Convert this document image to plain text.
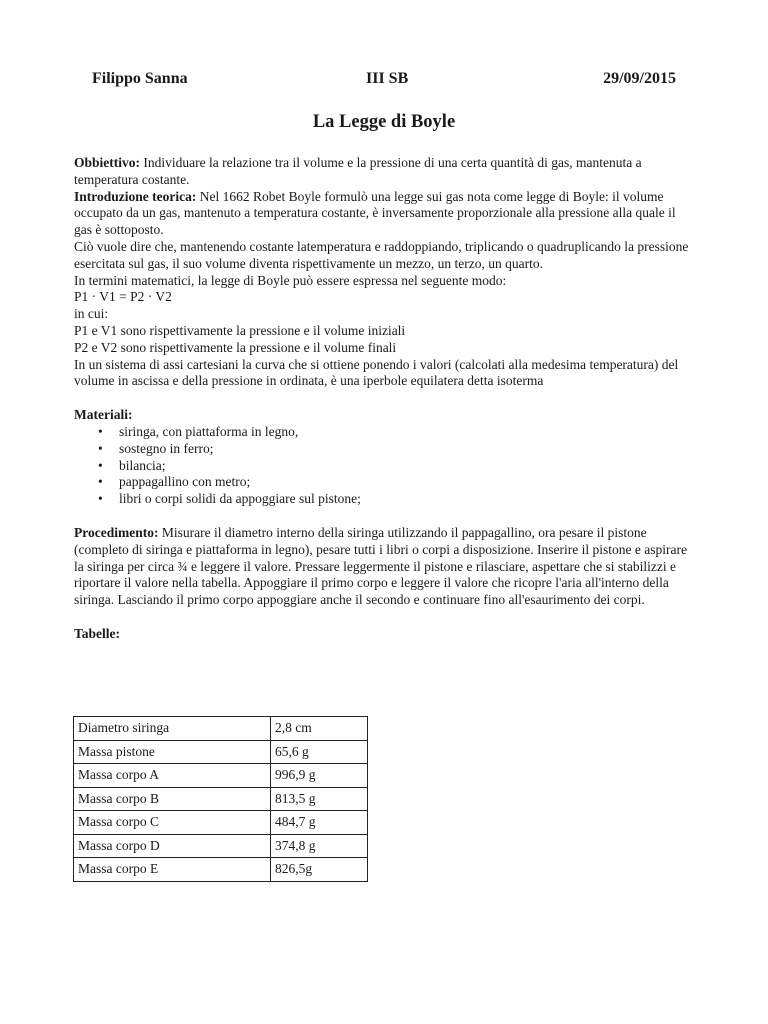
Filippo Sanna	III SB	29/09/2015
La Legge di Boyle

Obbiettivo: Individuare la relazione tra il volume e la pressione di una certa quantità di gas, mantenuta a temperatura costante.

Introduzione teorica: Nel 1662 Robet Boyle formulò una legge sui gas nota come legge di Boyle: il volume occupato da un gas, mantenuto a temperatura costante, è inversamente proporzionale alla pressione alla quale il gas è sottoposto.

Ciò vuole dire che, mantenendo costante latemperatura e raddoppiando, triplicando o quadruplicando la pressione esercitata sul gas, il suo volume diventa rispettivamente un mezzo, un terzo, un quarto.

In termini matematici, la legge di Boyle può essere espressa nel seguente modo:

P1 · V1 = P2 · V2

in cui:

P1 e V1 sono rispettivamente la pressione e il volume iniziali

P2 e V2 sono rispettivamente la pressione e il volume finali

In un sistema di assi cartesiani la curva che si ottiene ponendo i valori (calcolati alla medesima temperatura) del volume in ascissa e della pressione in ordinata, è una iperbole equilatera detta isoterma

Materiali:

• siringa, con piattaforma in legno,
• sostegno in ferro;
• bilancia;
• pappagallino con metro;
• libri o corpi solidi da appoggiare sul pistone;

Procedimento: Misurare il diametro interno della siringa utilizzando il pappagallino, ora pesare il pistone (completo di siringa e piattaforma in legno), pesare tutti i libri o corpi a disposizione. Inserire il pistone e aspirare la siringa per circa ¾ e leggere il valore. Pressare leggermente il pistone e rilasciare, aspettare che si stabilizzi e riportare il valore nella tabella. Appoggiare il primo corpo e leggere il valore che ricopre l'aria all'interno della siringa. Lasciando il primo corpo appoggiare anche il secondo e continuare fino all'esaurimento dei corpi.

Tabelle:

Diametro siringa	2,8 cm
Massa pistone	65,6 g
Massa corpo A	996,9 g
Massa corpo B	813,5 g
Massa corpo C	484,7 g
Massa corpo D	374,8 g
Massa corpo E	826,5g
